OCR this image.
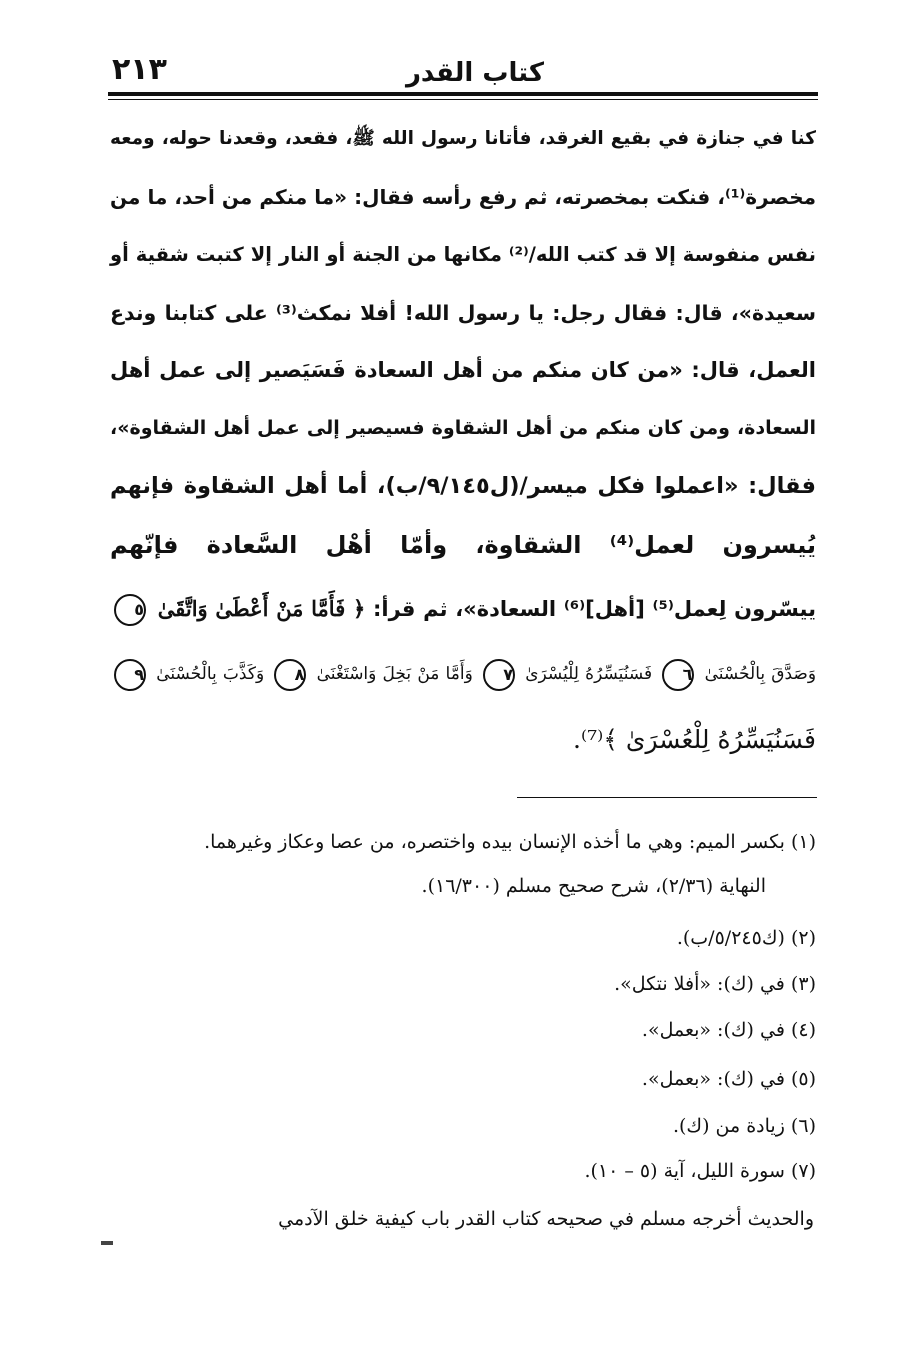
٢١٣	كتاب القدر
كنا في جنازة في بقيع الغرقد، فأتانا رسول الله ﷺ، فقعد، وقعدنا حوله، ومعه
مخصرة⁽¹⁾، فنكت بمخصرته، ثم رفع رأسه فقال: «ما منكم من أحد، ما من
نفس منفوسة إلا قد كتب الله/⁽²⁾ مكانها من الجنة أو النار إلا كتبت شقية أو
سعيدة»، قال: فقال رجل: يا رسول الله! أفلا نمكث⁽³⁾ على كتابنا وندع
العمل، قال: «من كان منكم من أهل السعادة فَسَيَصير إلى عمل أهل
السعادة، ومن كان منكم من أهل الشقاوة فسيصير إلى عمل أهل الشقاوة»،
فقال: «اعملوا فكل ميسر/(ل٩/١٤٥/ب)، أما أهل الشقاوة فإنهم
يُيسرون لعمل⁽⁴⁾ الشقاوة، وأمّا أهْل السَّعادة فإنّهم
ييسّرون لِعمل⁽⁵⁾ [أهل]⁽⁶⁾ السعادة»، ثم قرأ: ﴿ فَأَمَّا مَنْ أَعْطَىٰ وَاتَّقَىٰ ٥
وَصَدَّقَ بِالْحُسْنَىٰ ٦ فَسَنُيَسِّرُهُ لِلْيُسْرَىٰ ٧ وَأَمَّا مَنْ بَخِلَ وَاسْتَغْنَىٰ ٨ وَكَذَّبَ بِالْحُسْنَىٰ ٩
فَسَنُيَسِّرُهُ لِلْعُسْرَىٰ ﴾⁽⁷⁾.
(١) بكسر الميم: وهي ما أخذه الإنسان بيده واختصره، من عصا وعكاز وغيرهما.
النهاية (٢/٣٦)، شرح صحيح مسلم (١٦/٣٠٠).
(٢) (ك٥/٢٤٥/ب).
(٣) في (ك): «أفلا نتكل».
(٤) في (ك): «بعمل».
(٥) في (ك): «بعمل».
(٦) زيادة من (ك).
(٧) سورة الليل، آية (٥ – ١٠).
والحديث أخرجه مسلم في صحيحه كتاب القدر باب كيفية خلق الآدمي
